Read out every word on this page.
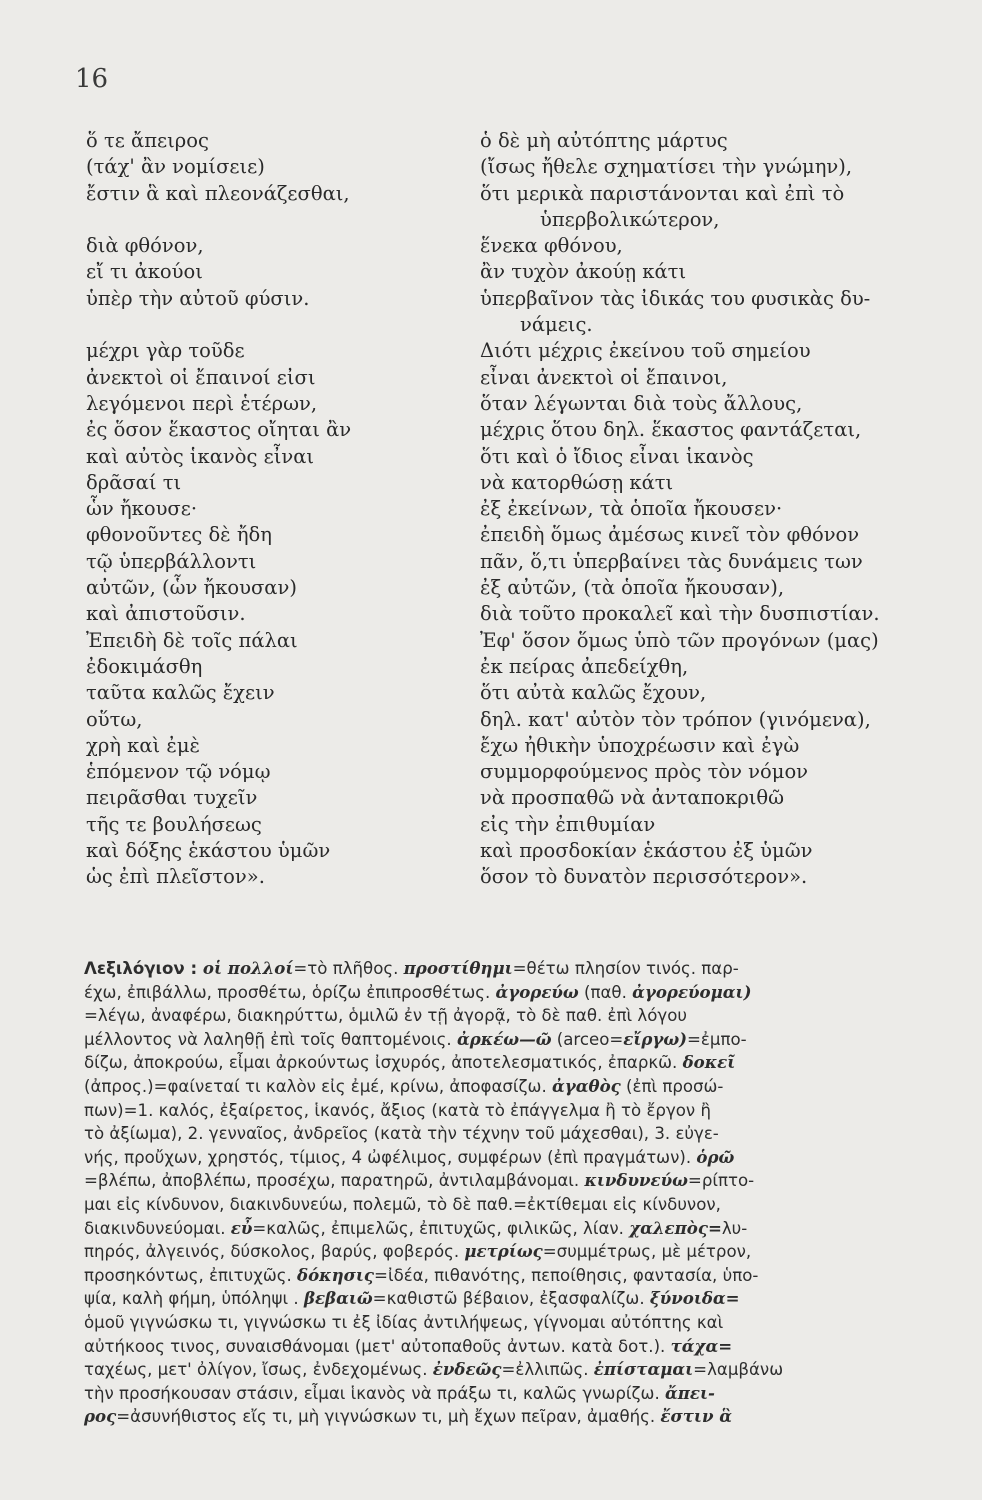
16
ὅ τε ἄπειρος
(τάχ' ἂν νομίσειε)
ἔστιν ἃ καὶ πλεονάζεσθαι,
διὰ φθόνον,
εἴ τι ἀκούοι
ὑπὲρ τὴν αὐτοῦ φύσιν.
μέχρι γὰρ τοῦδε
ἀνεκτοὶ οἱ ἔπαινοί εἰσι
λεγόμενοι περὶ ἑτέρων,
ἐς ὅσον ἕκαστος οἴηται ἂν
καὶ αὐτὸς ἱκανὸς εἶναι
δρᾶσαί τι
ὧν ἤκουσε·
φθονοῦντες δὲ ἤδη
τῷ ὑπερβάλλοντι
αὐτῶν, (ὧν ἤκουσαν)
καὶ ἀπιστοῦσιν.
Ἐπειδὴ δὲ τοῖς πάλαι
ἐδοκιμάσθη
ταῦτα καλῶς ἔχειν
οὕτω,
χρὴ καὶ ἐμὲ
ἑπόμενον τῷ νόμῳ
πειρᾶσθαι τυχεῖν
τῆς τε βουλήσεως
καὶ δόξης ἑκάστου ὑμῶν
ὡς ἐπὶ πλεῖστον».
ὁ δὲ μὴ αὐτόπτης μάρτυς
(ἴσως ἤθελε σχηματίσει τὴν γνώμην),
ὅτι μερικὰ παριστάνονται καὶ ἐπὶ τὸ
ὑπερβολικώτερον,
ἕνεκα φθόνου,
ἂν τυχὸν ἀκούῃ κάτι
ὑπερβαῖνον τὰς ἰδικάς του φυσικὰς δυ-
νάμεις.
Διότι μέχρις ἐκείνου τοῦ σημείου
εἶναι ἀνεκτοὶ οἱ ἔπαινοι,
ὅταν λέγωνται διὰ τοὺς ἄλλους,
μέχρις ὅτου δηλ. ἕκαστος φαντάζεται,
ὅτι καὶ ὁ ἴδιος εἶναι ἱκανὸς
νὰ κατορθώσῃ κάτι
ἐξ ἐκείνων, τὰ ὁποῖα ἤκουσεν·
ἐπειδὴ ὅμως ἀμέσως κινεῖ τὸν φθόνον
πᾶν, ὅ,τι ὑπερβαίνει τὰς δυνάμεις των
ἐξ αὐτῶν, (τὰ ὁποῖα ἤκουσαν),
διὰ τοῦτο προκαλεῖ καὶ τὴν δυσπιστίαν.
Ἐφ' ὅσον ὅμως ὑπὸ τῶν προγόνων (μας)
ἐκ πείρας ἀπεδείχθη,
ὅτι αὐτὰ καλῶς ἔχουν,
δηλ. κατ' αὐτὸν τὸν τρόπον (γινόμενα),
ἔχω ἠθικὴν ὑποχρέωσιν καὶ ἐγὼ
συμμορφούμενος πρὸς τὸν νόμον
νὰ προσπαθῶ νὰ ἀνταποκριθῶ
εἰς τὴν ἐπιθυμίαν
καὶ προσδοκίαν ἑκάστου ἐξ ὑμῶν
ὅσον τὸ δυνατὸν περισσότερον».
Λεξιλόγιον : οἱ πολλοί=τὸ πλῆθος. προστίθημι=θέτω πλησίον τινός. παρ-
έχω, ἐπιβάλλω, προσθέτω, ὁρίζω ἐπιπροσθέτως. ἀγορεύω (παθ. ἀγορεύομαι)
=λέγω, ἀναφέρω, διακηρύττω, ὁμιλῶ ἐν τῇ ἀγορᾷ, τὸ δὲ παθ. ἐπὶ λόγου
μέλλοντος νὰ λαληθῇ ἐπὶ τοῖς θαπτομένοις. ἀρκέω—ῶ (arceo=εἴργω)=ἐμπο-
δίζω, ἀποκρούω, εἶμαι ἀρκούντως ἰσχυρός, ἀποτελεσματικός, ἐπαρκῶ. δοκεῖ
(ἀπρος.)=φαίνεταί τι καλὸν εἰς ἐμέ, κρίνω, ἀποφασίζω. ἀγαθὸς (ἐπὶ προσώ-
πων)=1. καλός, ἐξαίρετος, ἱκανός, ἄξιος (κατὰ τὸ ἐπάγγελμα ἢ τὸ ἔργον ἢ
τὸ ἀξίωμα), 2. γενναῖος, ἀνδρεῖος (κατὰ τὴν τέχνην τοῦ μάχεσθαι), 3. εὐγε-
νής, προὔχων, χρηστός, τίμιος, 4 ὠφέλιμος, συμφέρων (ἐπὶ πραγμάτων). ὁρῶ
=βλέπω, ἀποβλέπω, προσέχω, παρατηρῶ, ἀντιλαμβάνομαι. κινδυνεύω=ρίπτο-
μαι εἰς κίνδυνον, διακινδυνεύω, πολεμῶ, τὸ δὲ παθ.=ἐκτίθεμαι εἰς κίνδυνον,
διακινδυνεύομαι. εὖ=καλῶς, ἐπιμελῶς, ἐπιτυχῶς, φιλικῶς, λίαν. χαλεπὸς=λυ-
πηρός, ἀλγεινός, δύσκολος, βαρύς, φοβερός. μετρίως=συμμέτρως, μὲ μέτρον,
προσηκόντως, ἐπιτυχῶς. δόκησις=ἰδέα, πιθανότης, πεποίθησις, φαντασία, ὑπο-
ψία, καλὴ φήμη, ὑπόληψι . βεβαιῶ=καθιστῶ βέβαιον, ἐξασφαλίζω. ξύνοιδα=
ὁμοῦ γιγνώσκω τι, γιγνώσκω τι ἐξ ἰδίας ἀντιλήψεως, γίγνομαι αὐτόπτης καὶ
αὐτήκοος τινος, συναισθάνομαι (μετ' αὐτοπαθοῦς ἀντων. κατὰ δοτ.). τάχα=
ταχέως, μετ' ὀλίγον, ἴσως, ἐνδεχομένως. ἐνδεῶς=ἐλλιπῶς. ἐπίσταμαι=λαμβάνω
τὴν προσήκουσαν στάσιν, εἶμαι ἱκανὸς νὰ πράξω τι, καλῶς γνωρίζω. ἄπει-
ρος=ἀσυνήθιστος εἴς τι, μὴ γιγνώσκων τι, μὴ ἔχων πεῖραν, ἀμαθής. ἔστιν ἃ
